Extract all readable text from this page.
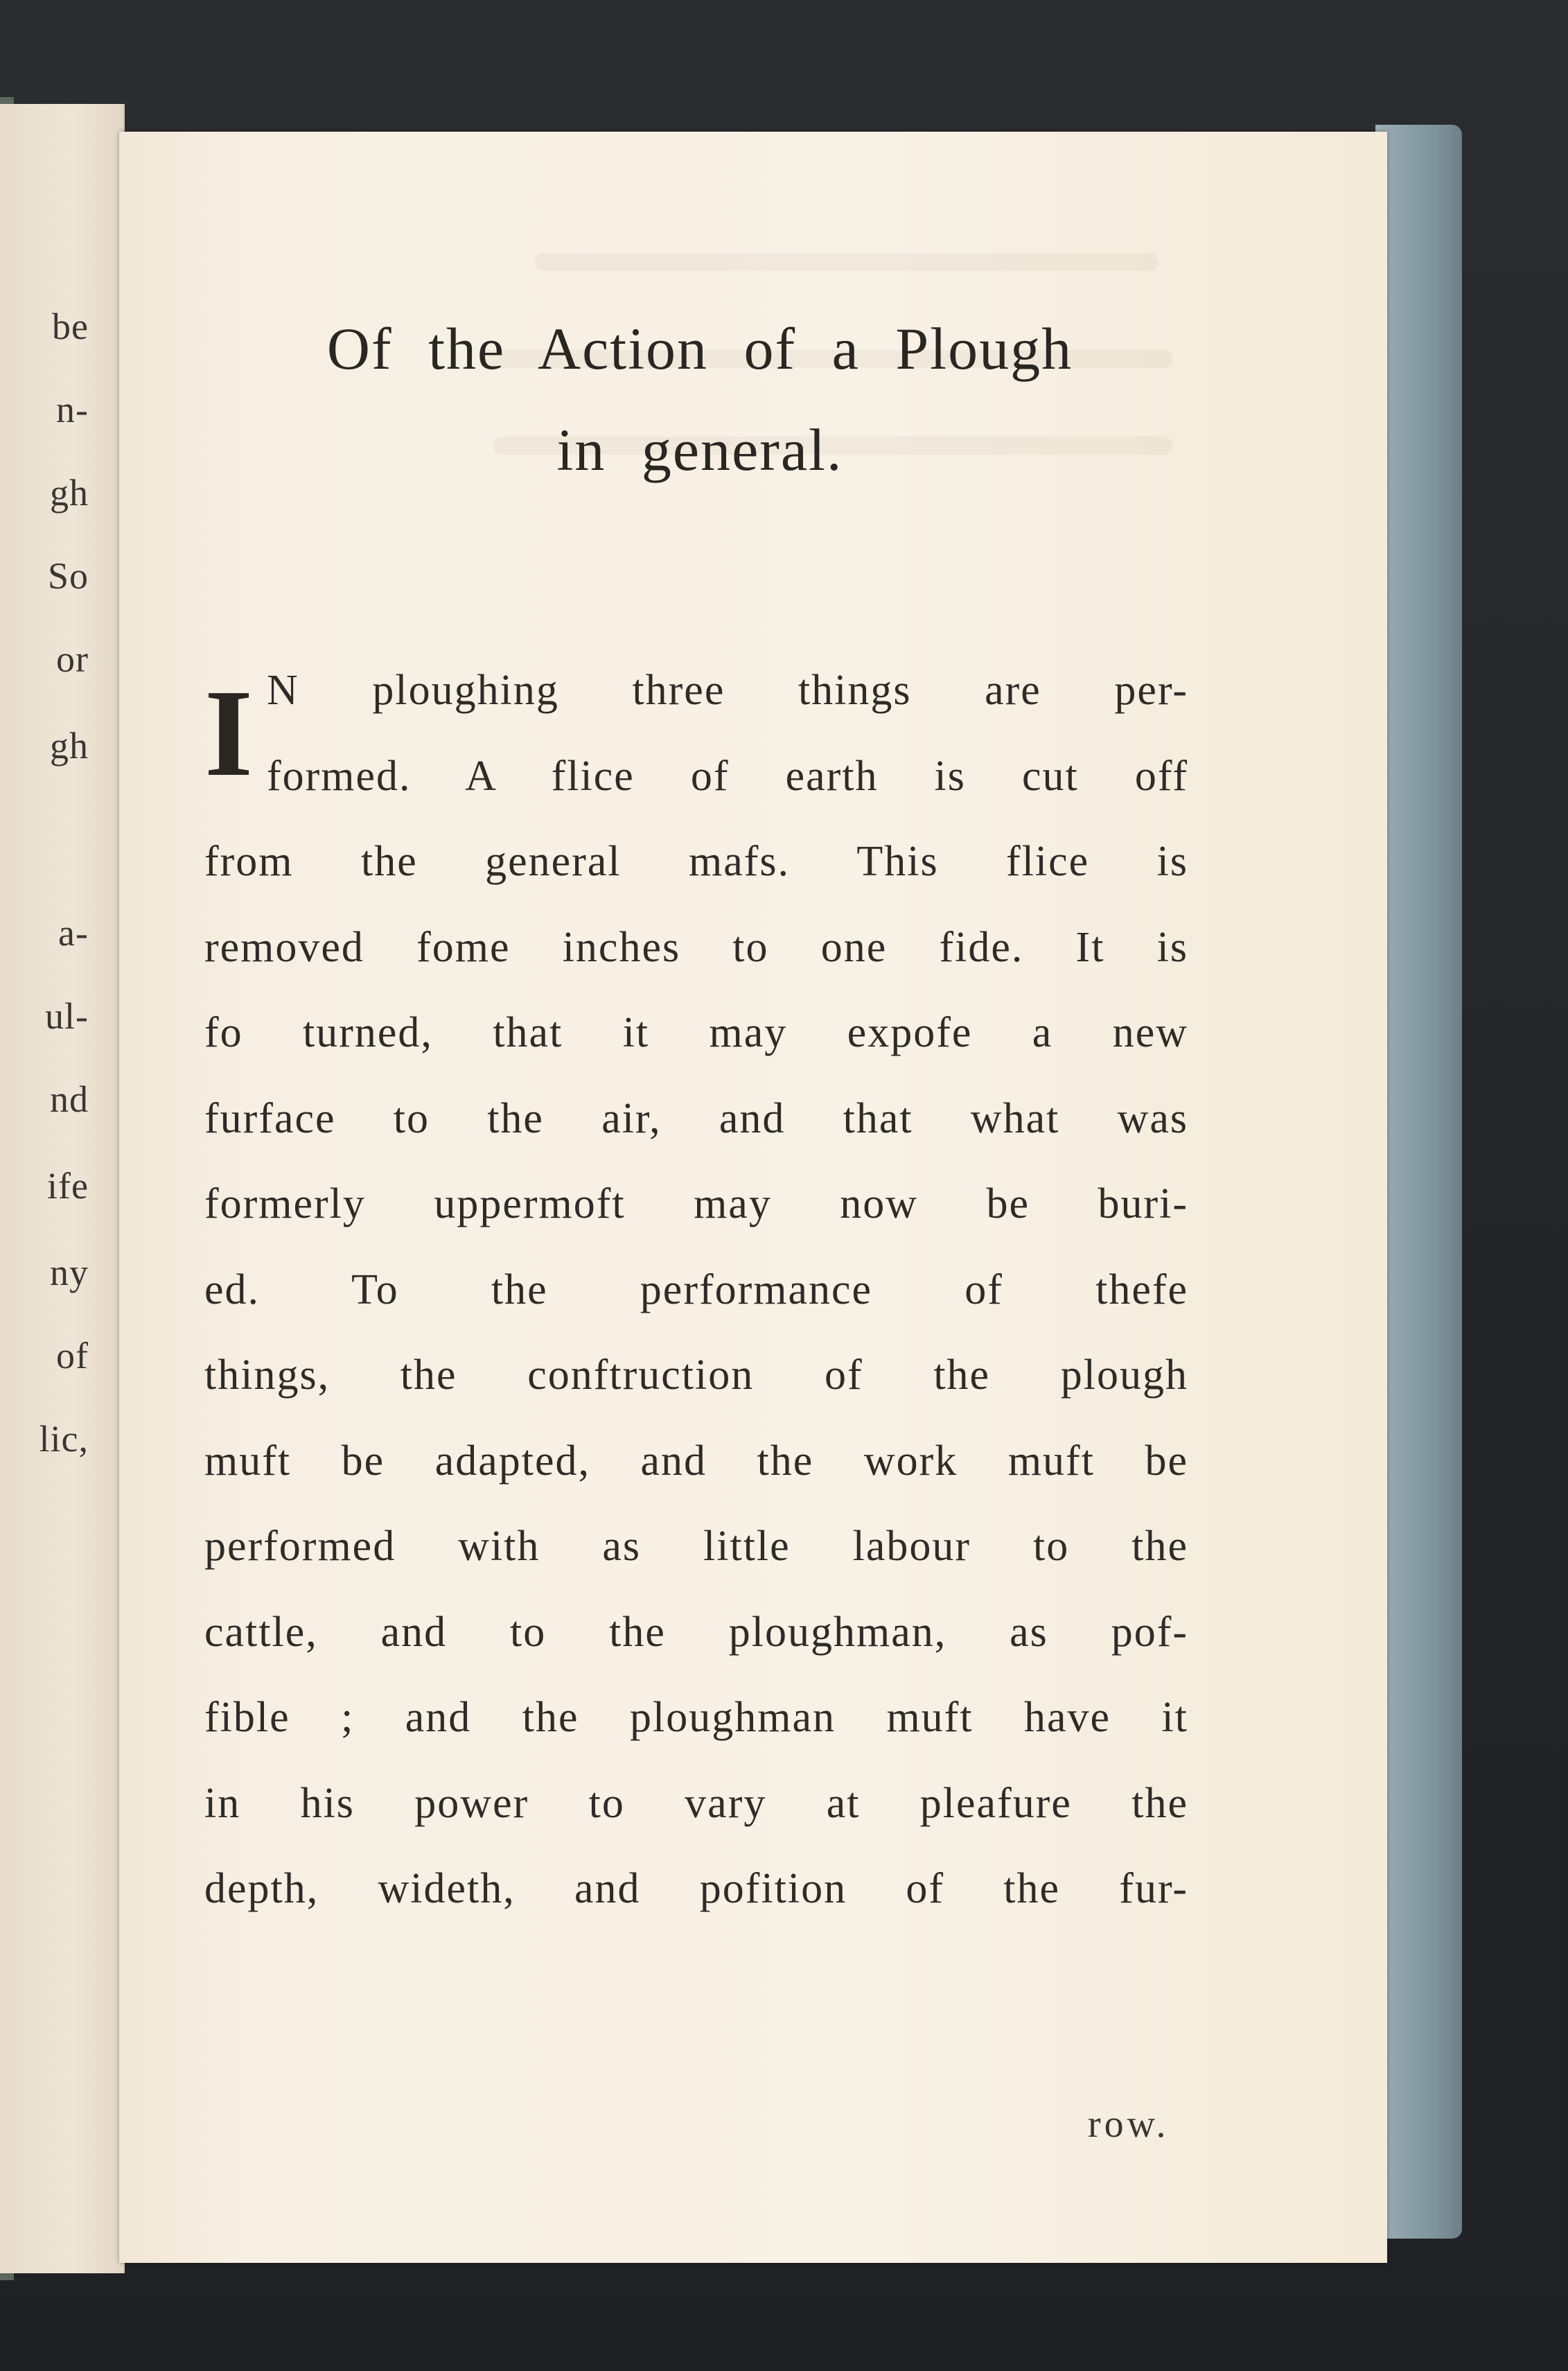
be
n-
gh
So
or
gh
a-
ul-
nd
ife
ny
of
lic,
Of the Action of a Plough
in general.
I N ploughing three things are per-
formed. A flice of earth is cut off
from the general mafs. This flice is
removed fome inches to one fide. It is
fo turned, that it may expofe a new
furface to the air, and that what was
formerly uppermoft may now be buri-
ed. To the performance of thefe
things, the conftruction of the plough
muft be adapted, and the work muft be
performed with as little labour to the
cattle, and to the ploughman, as pof-
fible ; and the ploughman muft have it
in his power to vary at pleafure the
depth, wideth, and pofition of the fur-
row.
